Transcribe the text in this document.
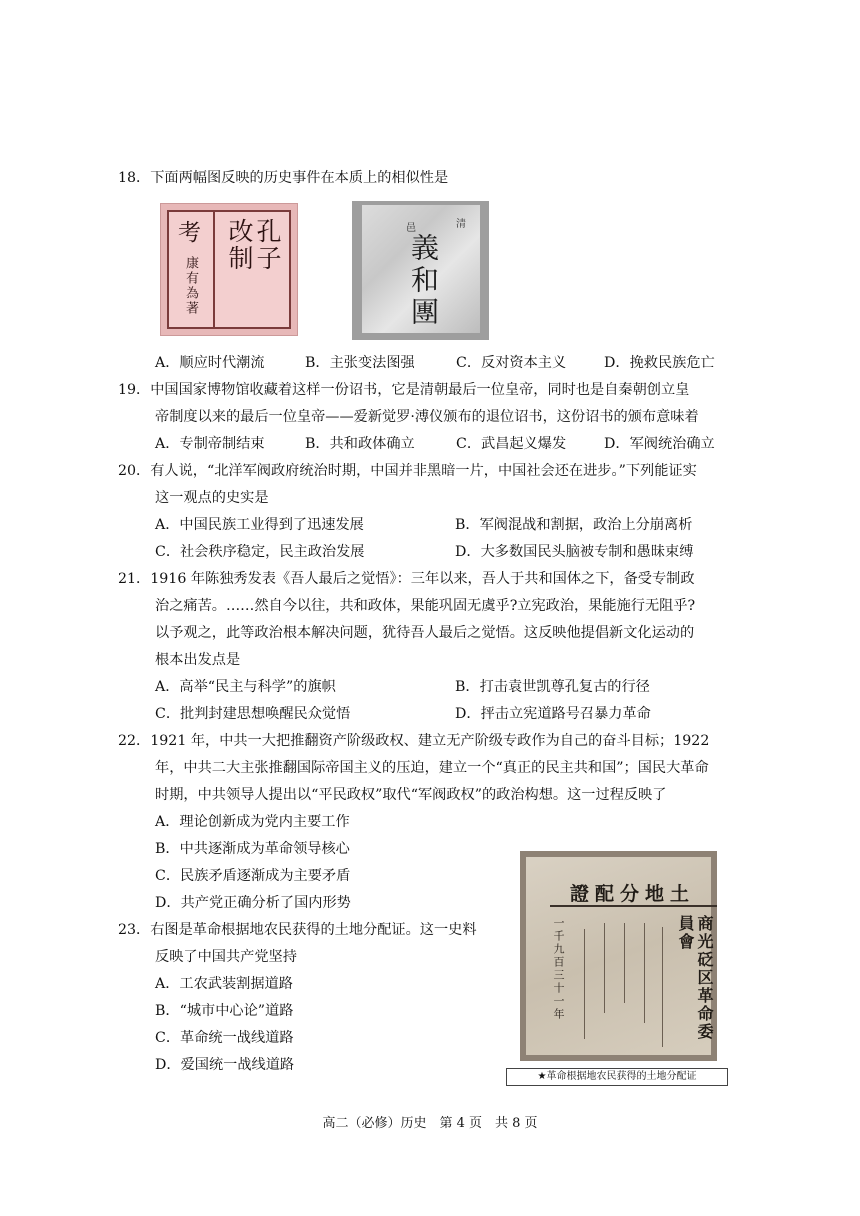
18．下面两幅图反映的历史事件在本质上的相似性是
孔子
改制
考
康有為著
清
邑
義和團
A．顺应时代潮流	B．主张变法图强	C．反对资本主义	D．挽救民族危亡
19．中国国家博物馆收藏着这样一份诏书，它是清朝最后一位皇帝，同时也是自秦朝创立皇
帝制度以来的最后一位皇帝——爱新觉罗·溥仪颁布的退位诏书，这份诏书的颁布意味着
A．专制帝制结束	B．共和政体确立	C．武昌起义爆发	D．军阀统治确立
20．有人说，“北洋军阀政府统治时期，中国并非黑暗一片，中国社会还在进步。”下列能证实
这一观点的史实是
A．中国民族工业得到了迅速发展	B．军阀混战和割据，政治上分崩离析
C．社会秩序稳定，民主政治发展	D．大多数国民头脑被专制和愚昧束缚
21．1916 年陈独秀发表《吾人最后之觉悟》：三年以来，吾人于共和国体之下，备受专制政
治之痛苦。……然自今以往，共和政体，果能巩固无虞乎?立宪政治，果能施行无阻乎?
以予观之，此等政治根本解决问题，犹待吾人最后之觉悟。这反映他提倡新文化运动的
根本出发点是
A．高举“民主与科学”的旗帜	B．打击袁世凯尊孔复古的行径
C．批判封建思想唤醒民众觉悟	D．抨击立宪道路号召暴力革命
22．1921 年，中共一大把推翻资产阶级政权、建立无产阶级专政作为自己的奋斗目标；1922
年，中共二大主张推翻国际帝国主义的压迫，建立一个“真正的民主共和国”；国民大革命
时期，中共领导人提出以“平民政权”取代“军阀政权”的政治构想。这一过程反映了
A．理论创新成为党内主要工作
B．中共逐渐成为革命领导核心
C．民族矛盾逐渐成为主要矛盾
D．共产党正确分析了国内形势
23．右图是革命根据地农民获得的土地分配证。这一史料
反映了中国共产党坚持
A．工农武装割据道路
B．“城市中心论”道路
C．革命统一战线道路
D．爱国统一战线道路
土地分配證
商光砭区革命委員會
一千九百三十一年
★革命根据地农民获得的土地分配证
高二（必修）历史　第 4 页　共 8 页
